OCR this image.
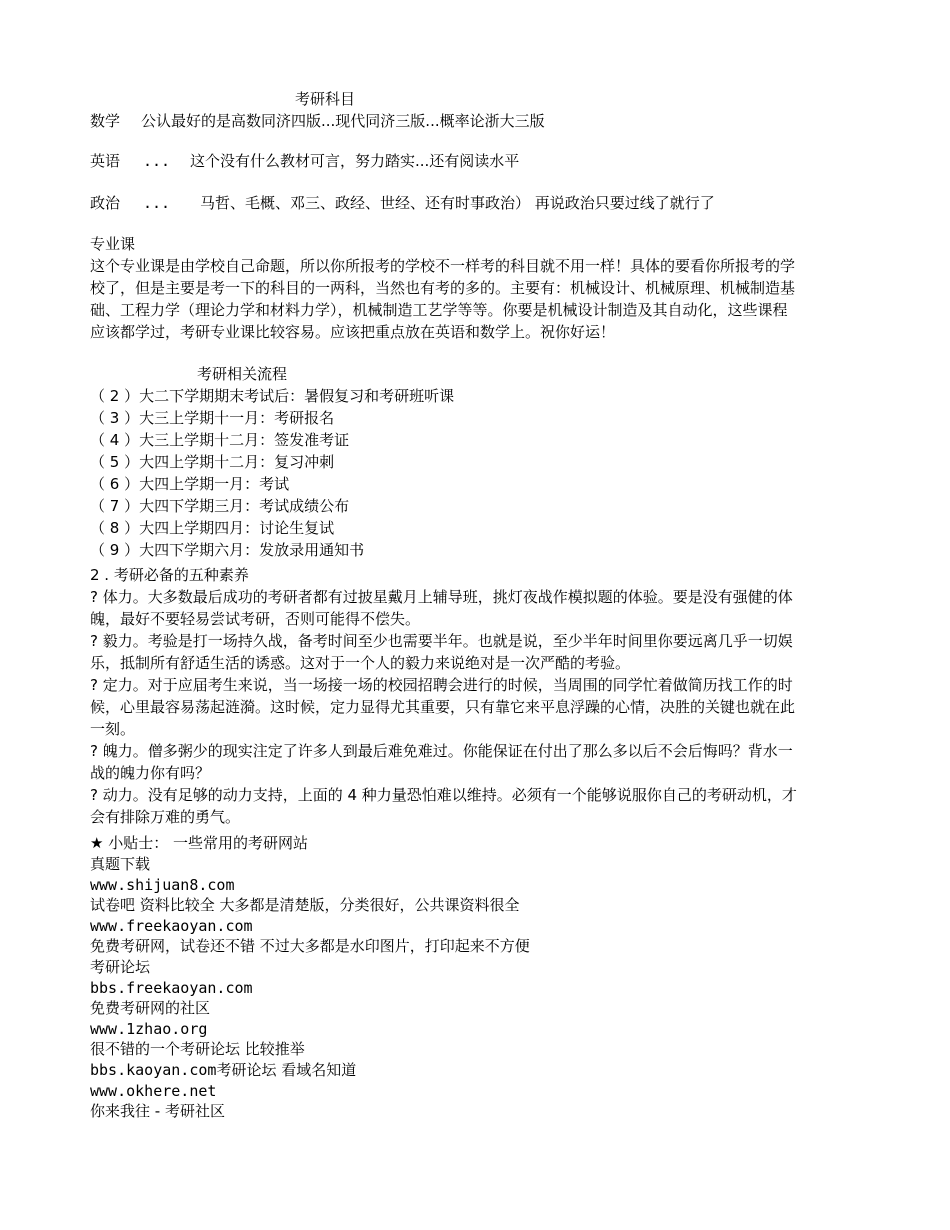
考研科目
数学 公认最好的是高数同济四版...现代同济三版...概率论浙大三版
英语 ... 这个没有什么教材可言，努力踏实...还有阅读水平
政治 ... 马哲、毛概、邓三、政经、世经、还有时事政治） 再说政治只要过线了就行了
专业课
这个专业课是由学校自己命题，所以你所报考的学校不一样考的科目就不用一样！具体的要看你所报考的学
校了，但是主要是考一下的科目的一两科，当然也有考的多的。主要有：机械设计、机械原理、机械制造基
础、工程力学（理论力学和材料力学），机械制造工艺学等等。你要是机械设计制造及其自动化，这些课程
应该都学过，考研专业课比较容易。应该把重点放在英语和数学上。祝你好运！
考研相关流程
（ 2 ）大二下学期期末考试后：暑假复习和考研班听课
（ 3 ）大三上学期十一月：考研报名
（ 4 ）大三上学期十二月：签发准考证
（ 5 ）大四上学期十二月：复习冲刺
（ 6 ）大四上学期一月：考试
（ 7 ）大四下学期三月：考试成绩公布
（ 8 ）大四上学期四月：讨论生复试
（ 9 ）大四下学期六月：发放录用通知书
2 . 考研必备的五种素养
? 体力。大多数最后成功的考研者都有过披星戴月上辅导班，挑灯夜战作模拟题的体验。要是没有强健的体
魄，最好不要轻易尝试考研，否则可能得不偿失。
? 毅力。考验是打一场持久战，备考时间至少也需要半年。也就是说，至少半年时间里你要远离几乎一切娱
乐，抵制所有舒适生活的诱惑。这对于一个人的毅力来说绝对是一次严酷的考验。
? 定力。对于应届考生来说，当一场接一场的校园招聘会进行的时候，当周围的同学忙着做简历找工作的时
候，心里最容易荡起涟漪。这时候，定力显得尤其重要，只有靠它来平息浮躁的心情，决胜的关键也就在此
一刻。
? 魄力。僧多粥少的现实注定了许多人到最后难免难过。你能保证在付出了那么多以后不会后悔吗？背水一
战的魄力你有吗？
? 动力。没有足够的动力支持，上面的 4 种力量恐怕难以维持。必须有一个能够说服你自己的考研动机，才
会有排除万难的勇气。
★ 小贴士： 一些常用的考研网站
真题下载
www.shijuan8.com
试卷吧 资料比较全 大多都是清楚版，分类很好，公共课资料很全
www.freekaoyan.com
免费考研网，试卷还不错 不过大多都是水印图片，打印起来不方便
考研论坛
bbs.freekaoyan.com
免费考研网的社区
www.1zhao.org
很不错的一个考研论坛 比较推举
bbs.kaoyan.com考研论坛 看域名知道
www.okhere.net
你来我往 - 考研社区
